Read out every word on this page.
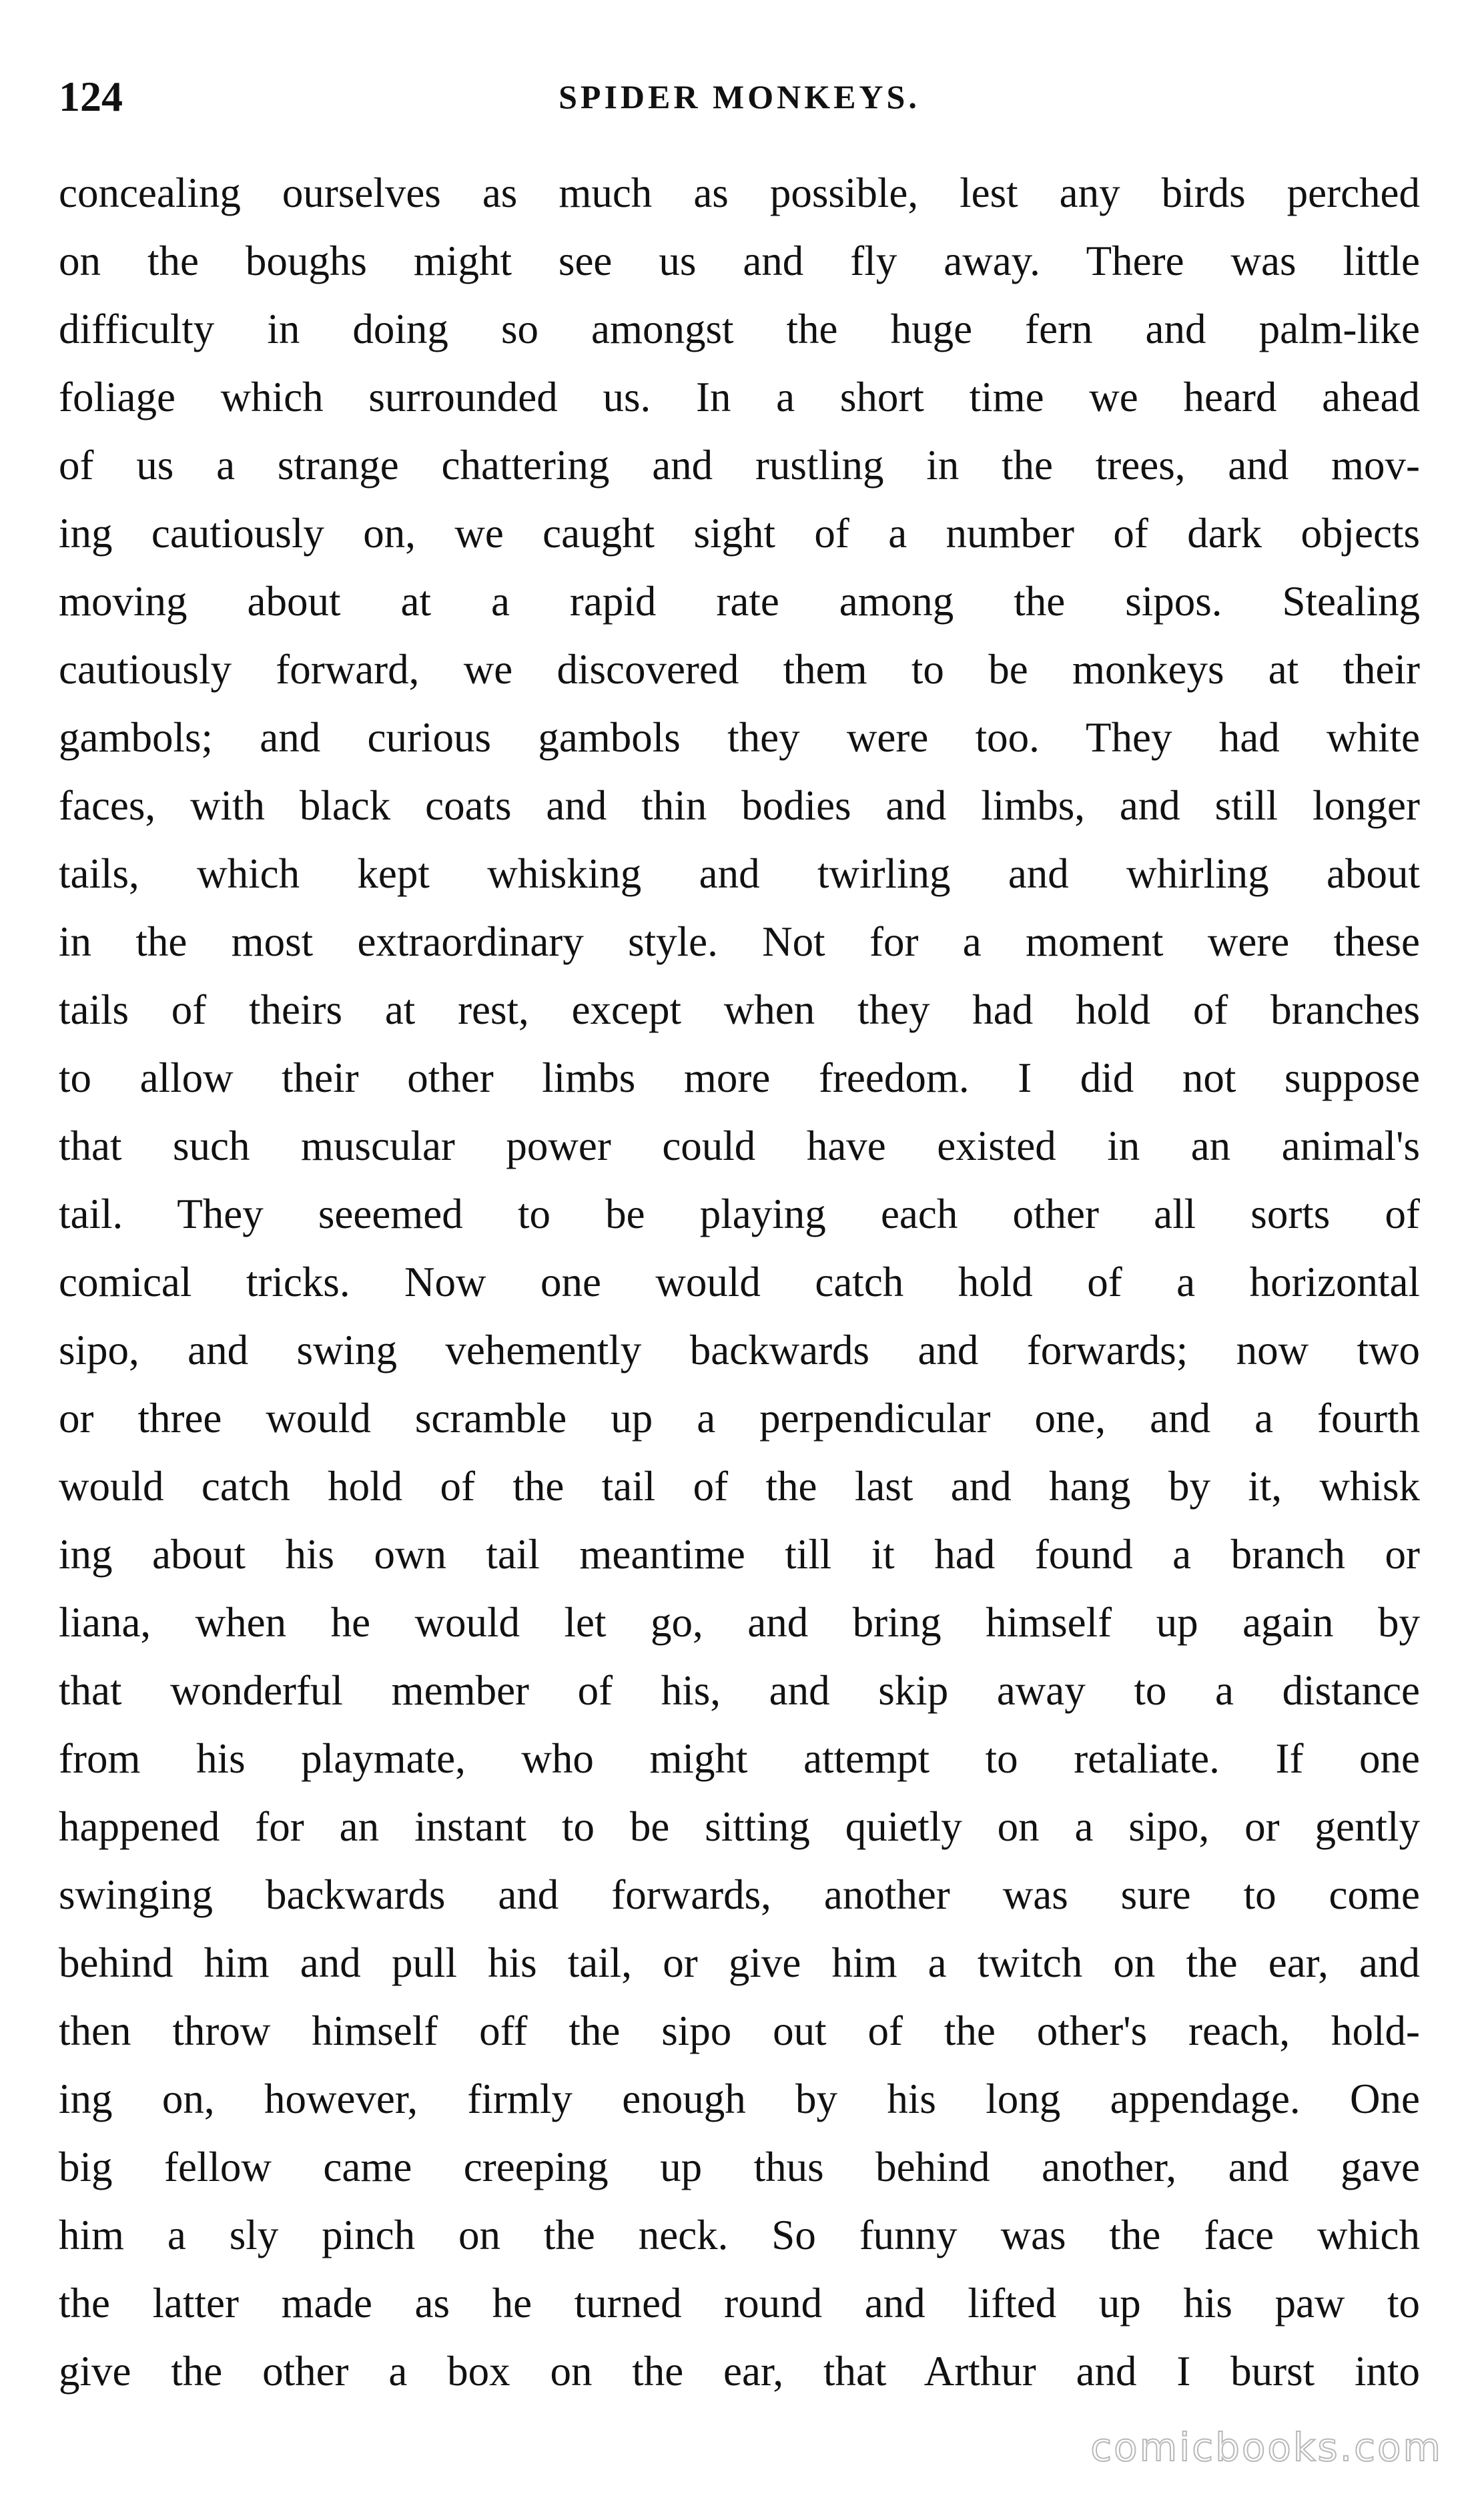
124	SPIDER MONKEYS.
concealing ourselves as much as possible, lest any birds perched
on the boughs might see us and fly away. There was little
difficulty in doing so amongst the huge fern and palm-like
foliage which surrounded us. In a short time we heard ahead
of us a strange chattering and rustling in the trees, and mov-
ing cautiously on, we caught sight of a number of dark objects
moving about at a rapid rate among the sipos. Stealing
cautiously forward, we discovered them to be monkeys at their
gambols; and curious gambols they were too. They had white
faces, with black coats and thin bodies and limbs, and still longer
tails, which kept whisking and twirling and whirling about
in the most extraordinary style. Not for a moment were these
tails of theirs at rest, except when they had hold of branches
to allow their other limbs more freedom. I did not suppose
that such muscular power could have existed in an animal's
tail. They seeemed to be playing each other all sorts of
comical tricks. Now one would catch hold of a horizontal
sipo, and swing vehemently backwards and forwards; now two
or three would scramble up a perpendicular one, and a fourth
would catch hold of the tail of the last and hang by it, whisk
ing about his own tail meantime till it had found a branch or
liana, when he would let go, and bring himself up again by
that wonderful member of his, and skip away to a distance
from his playmate, who might attempt to retaliate. If one
happened for an instant to be sitting quietly on a sipo, or gently
swinging backwards and forwards, another was sure to come
behind him and pull his tail, or give him a twitch on the ear, and
then throw himself off the sipo out of the other's reach, hold-
ing on, however, firmly enough by his long appendage. One
big fellow came creeping up thus behind another, and gave
him a sly pinch on the neck. So funny was the face which
the latter made as he turned round and lifted up his paw to
give the other a box on the ear, that Arthur and I burst into
comicbooks.com
